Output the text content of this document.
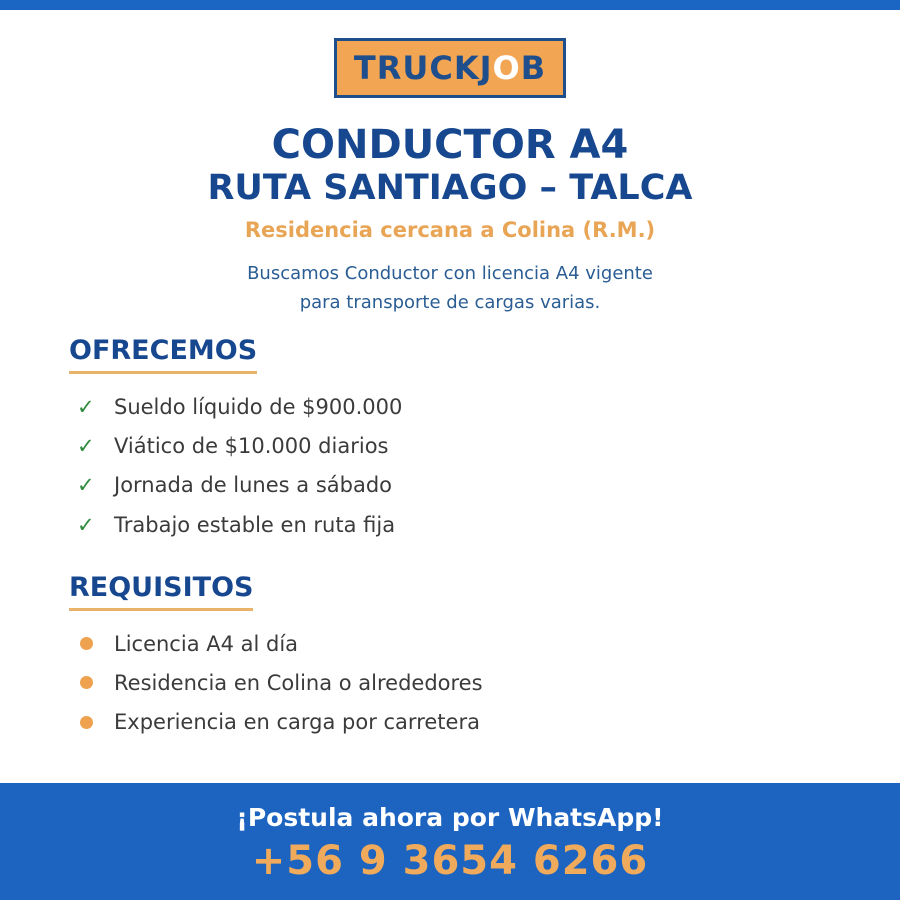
TRUCKJ O B
CONDUCTOR A4
RUTA SANTIAGO – TALCA

Residencia cercana a Colina (R.M.)

Buscamos Conductor con licencia A4 vigente
para transporte de cargas varias.
OFRECEMOS
✓ Sueldo líquido de $900.000
✓ Viático de $10.000 diarios
✓ Jornada de lunes a sábado
✓ Trabajo estable en ruta fija
REQUISITOS
Licencia A4 al día
Residencia en Colina o alrededores
Experiencia en carga por carretera
¡Postula ahora por WhatsApp!
+56 9 3654 6266
